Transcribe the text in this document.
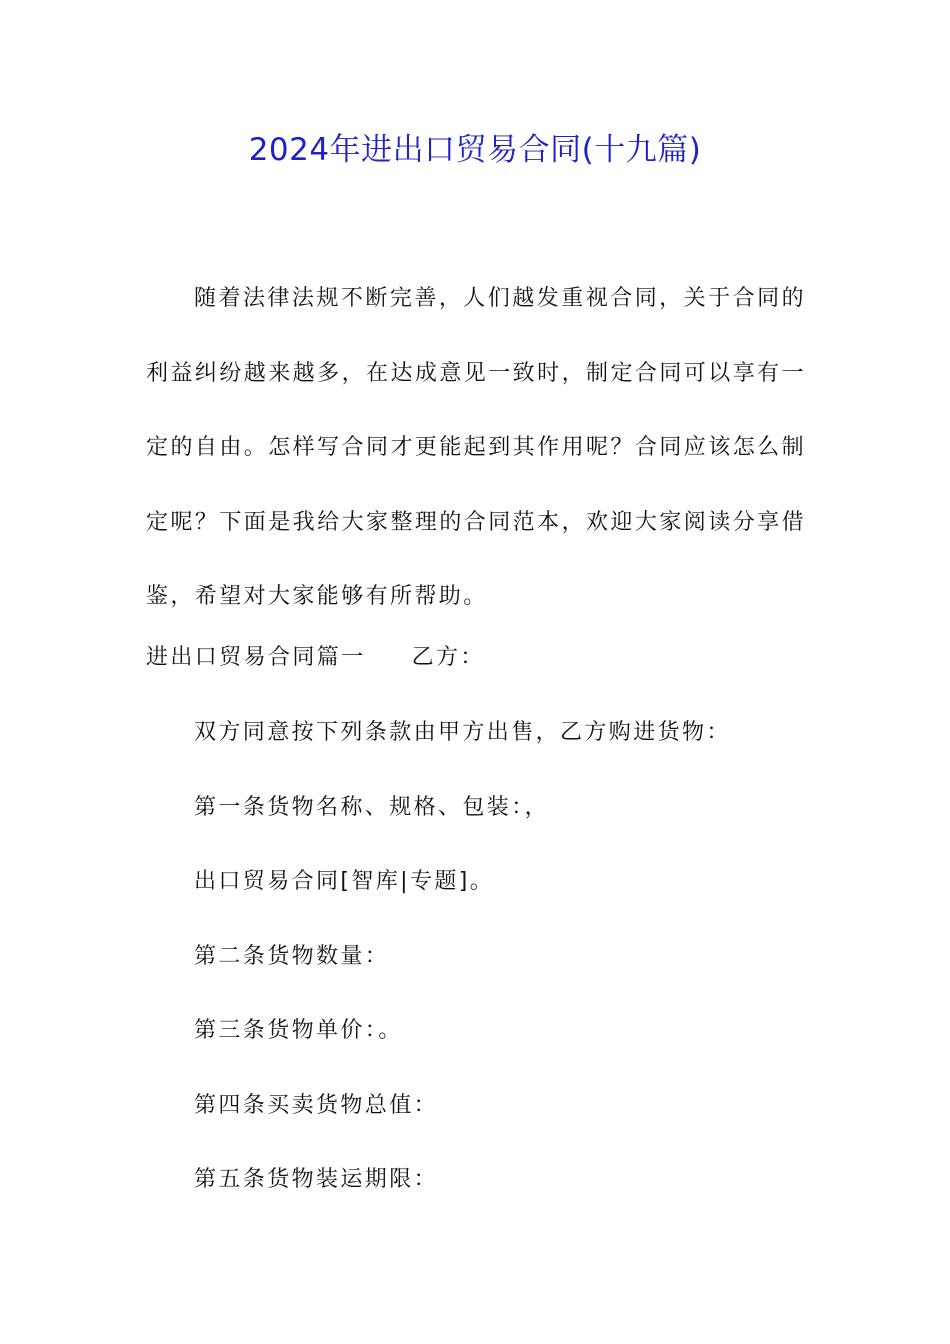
2024年进出口贸易合同(十九篇)

随着法律法规不断完善，人们越发重视合同，关于合同的利益纠纷越来越多，在达成意见一致时，制定合同可以享有一定的自由。怎样写合同才更能起到其作用呢？合同应该怎么制定呢？下面是我给大家整理的合同范本，欢迎大家阅读分享借鉴，希望对大家能够有所帮助。

进出口贸易合同篇一 乙方：

双方同意按下列条款由甲方出售，乙方购进货物：

第一条货物名称、规格、包装：，

出口贸易合同[智库|专题]。

第二条货物数量：

第三条货物单价：。

第四条买卖货物总值：

第五条货物装运期限：
